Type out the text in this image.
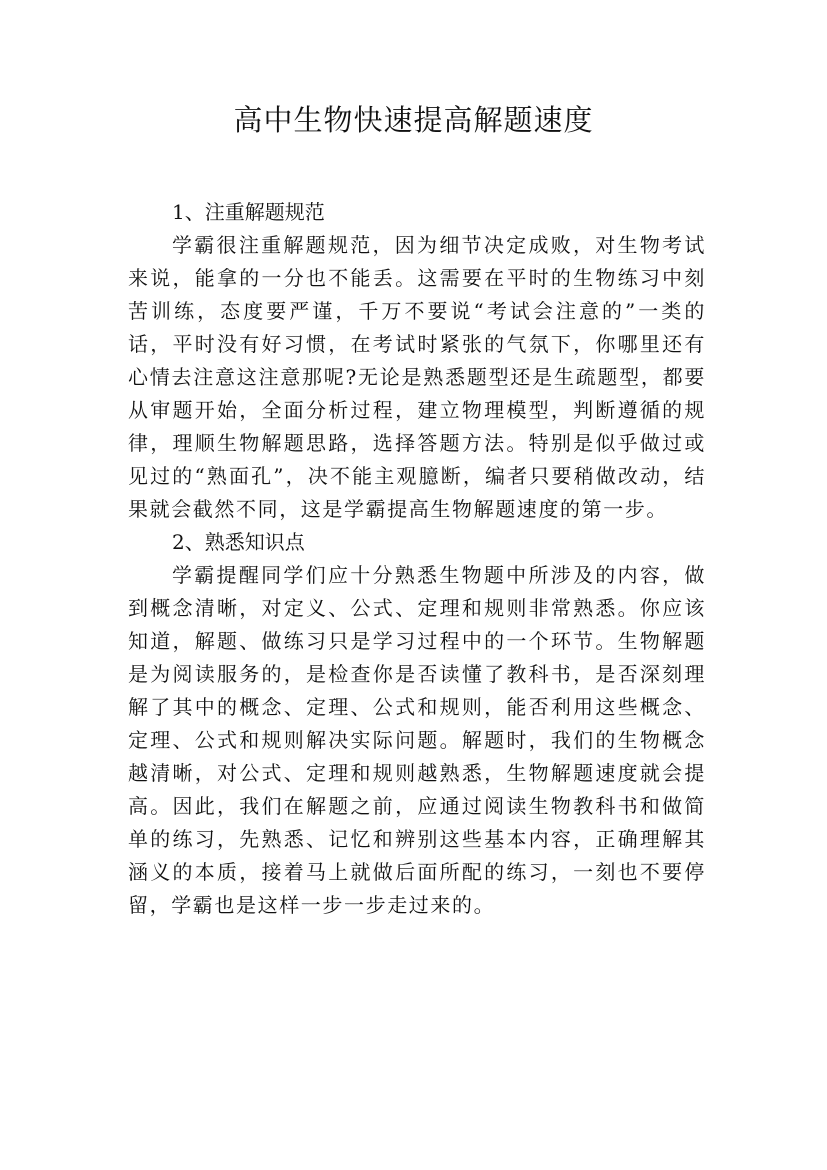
高中生物快速提高解题速度
1、注重解题规范

学霸很注重解题规范，因为细节决定成败，对生物考试来说，能拿的一分也不能丢。这需要在平时的生物练习中刻苦训练，态度要严谨，千万不要说“考试会注意的”一类的话，平时没有好习惯，在考试时紧张的气氛下，你哪里还有心情去注意这注意那呢?无论是熟悉题型还是生疏题型，都要从审题开始，全面分析过程，建立物理模型，判断遵循的规律，理顺生物解题思路，选择答题方法。特别是似乎做过或见过的“熟面孔”，决不能主观臆断，编者只要稍做改动，结果就会截然不同，这是学霸提高生物解题速度的第一步。

2、熟悉知识点

学霸提醒同学们应十分熟悉生物题中所涉及的内容，做到概念清晰，对定义、公式、定理和规则非常熟悉。你应该知道，解题、做练习只是学习过程中的一个环节。生物解题是为阅读服务的，是检查你是否读懂了教科书，是否深刻理解了其中的概念、定理、公式和规则，能否利用这些概念、定理、公式和规则解决实际问题。解题时，我们的生物概念越清晰，对公式、定理和规则越熟悉，生物解题速度就会提高。因此，我们在解题之前，应通过阅读生物教科书和做简单的练习，先熟悉、记忆和辨别这些基本内容，正确理解其涵义的本质，接着马上就做后面所配的练习，一刻也不要停留，学霸也是这样一步一步走过来的。
